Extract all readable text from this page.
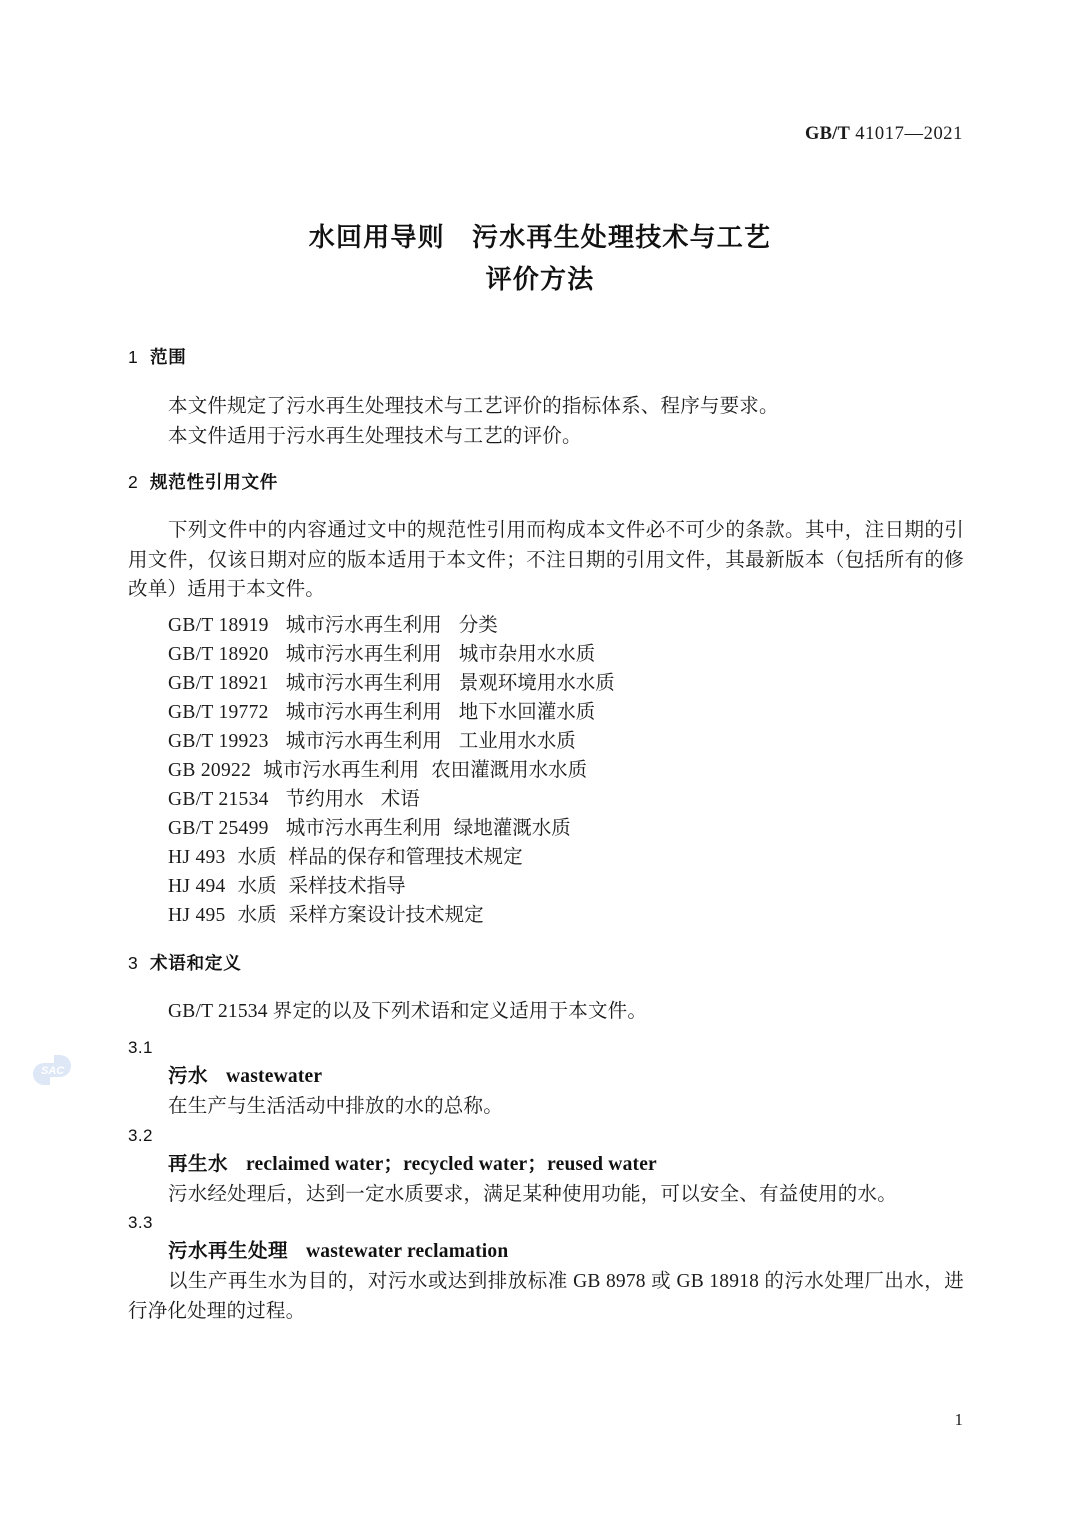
GB/T 41017—2021
水回用导则　污水再生处理技术与工艺
评价方法
1 范围
本文件规定了污水再生处理技术与工艺评价的指标体系、程序与要求。
本文件适用于污水再生处理技术与工艺的评价。
2 规范性引用文件
下列文件中的内容通过文中的规范性引用而构成本文件必不可少的条款。其中，注日期的引用文件，仅该日期对应的版本适用于本文件；不注日期的引用文件，其最新版本（包括所有的修改单）适用于本文件。
GB/T 18919 城市污水再生利用 分类
GB/T 18920 城市污水再生利用 城市杂用水水质
GB/T 18921 城市污水再生利用 景观环境用水水质
GB/T 19772 城市污水再生利用 地下水回灌水质
GB/T 19923 城市污水再生利用 工业用水水质
GB 20922 城市污水再生利用 农田灌溉用水水质
GB/T 21534 节约用水 术语
GB/T 25499 城市污水再生利用 绿地灌溉水质
HJ 493 水质 样品的保存和管理技术规定
HJ 494 水质 采样技术指导
HJ 495 水质 采样方案设计技术规定
3 术语和定义
GB/T 21534 界定的以及下列术语和定义适用于本文件。
3.1
污水 wastewater
在生产与生活活动中排放的水的总称。
3.2
再生水 reclaimed water；recycled water；reused water
污水经处理后，达到一定水质要求，满足某种使用功能，可以安全、有益使用的水。
3.3
污水再生处理 wastewater reclamation
以生产再生水为目的，对污水或达到排放标准 GB 8978 或 GB 18918 的污水处理厂出水，进行净化处理的过程。
SAC
1
